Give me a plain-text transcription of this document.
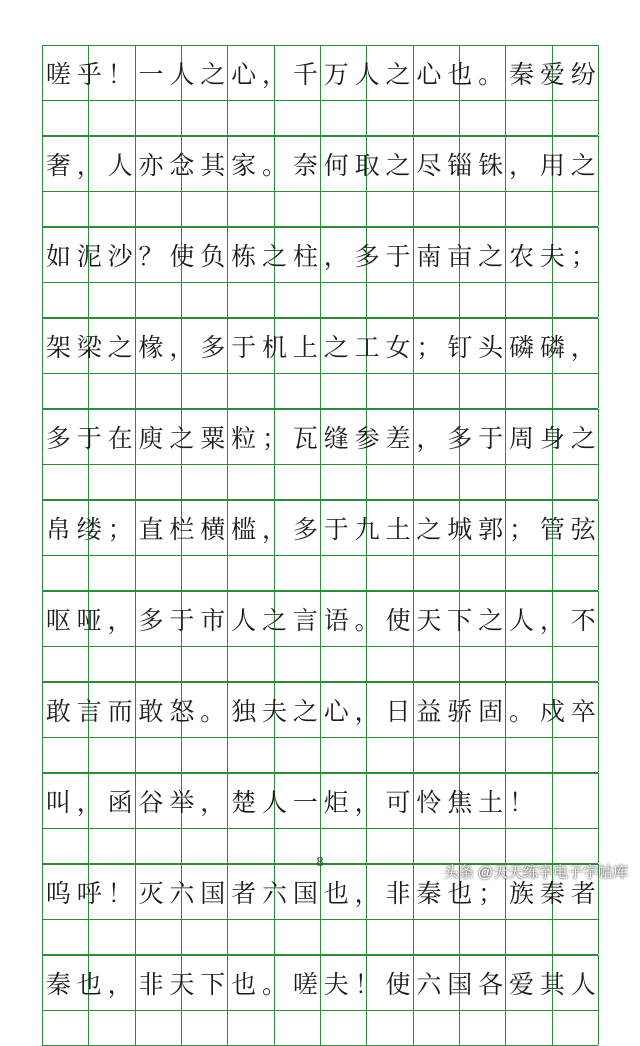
嗟 乎 ！ 一 人 之 心 ， 千 万 人 之 心 也 。 秦 爱 纷
奢 ， 人 亦 念 其 家 。 奈 何 取 之 尽 锱 铢 ， 用 之
如 泥 沙 ？ 使 负 栋 之 柱 ， 多 于 南 亩 之 农 夫 ；
架 梁 之 椽 ， 多 于 机 上 之 工 女 ； 钉 头 磷 磷 ，
多 于 在 庾 之 粟 粒 ； 瓦 缝 参 差 ， 多 于 周 身 之
帛 缕 ； 直 栏 横 槛 ， 多 于 九 土 之 城 郭 ； 管 弦
呕 哑 ， 多 于 市 人 之 言 语 。 使 天 下 之 人 ， 不
敢 言 而 敢 怒 。 独 夫 之 心 ， 日 益 骄 固 。 戍 卒
叫 ， 函 谷 举 ， 楚 人 一 炬 ， 可 怜 焦 土 ！
呜 呼 ！ 灭 六 国 者 六 国 也 ， 非 秦 也 ； 族 秦 者
秦 也 ， 非 天 下 也 。 嗟 夫 ！ 使 六 国 各 爱 其 人
8
头条 @天天练字电子字帖库
